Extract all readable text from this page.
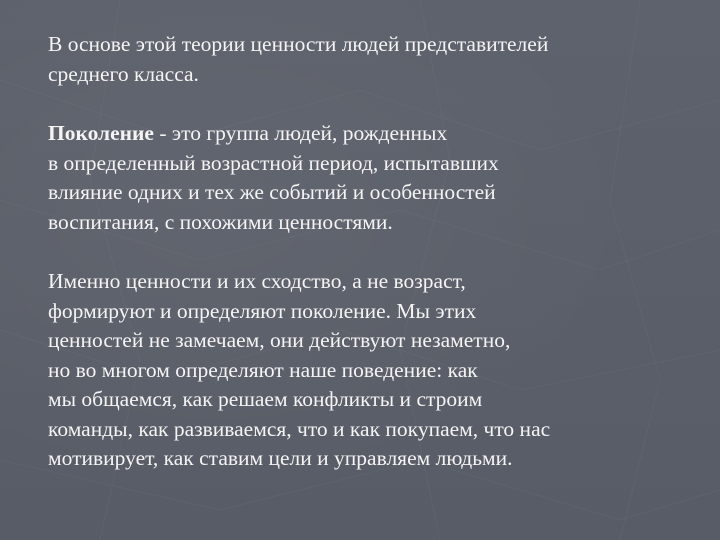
В основе этой теории ценности людей представителей
среднего класса.

Поколение - это группа людей, рожденных
в определенный возрастной период, испытавших
влияние одних и тех же событий и особенностей
воспитания, с похожими ценностями.

Именно ценности и их сходство, а не возраст,
формируют и определяют поколение. Мы этих
ценностей не замечаем, они действуют незаметно,
но во многом определяют наше поведение: как
мы общаемся, как решаем конфликты и строим
команды, как развиваемся, что и как покупаем, что нас
мотивирует, как ставим цели и управляем людьми.
